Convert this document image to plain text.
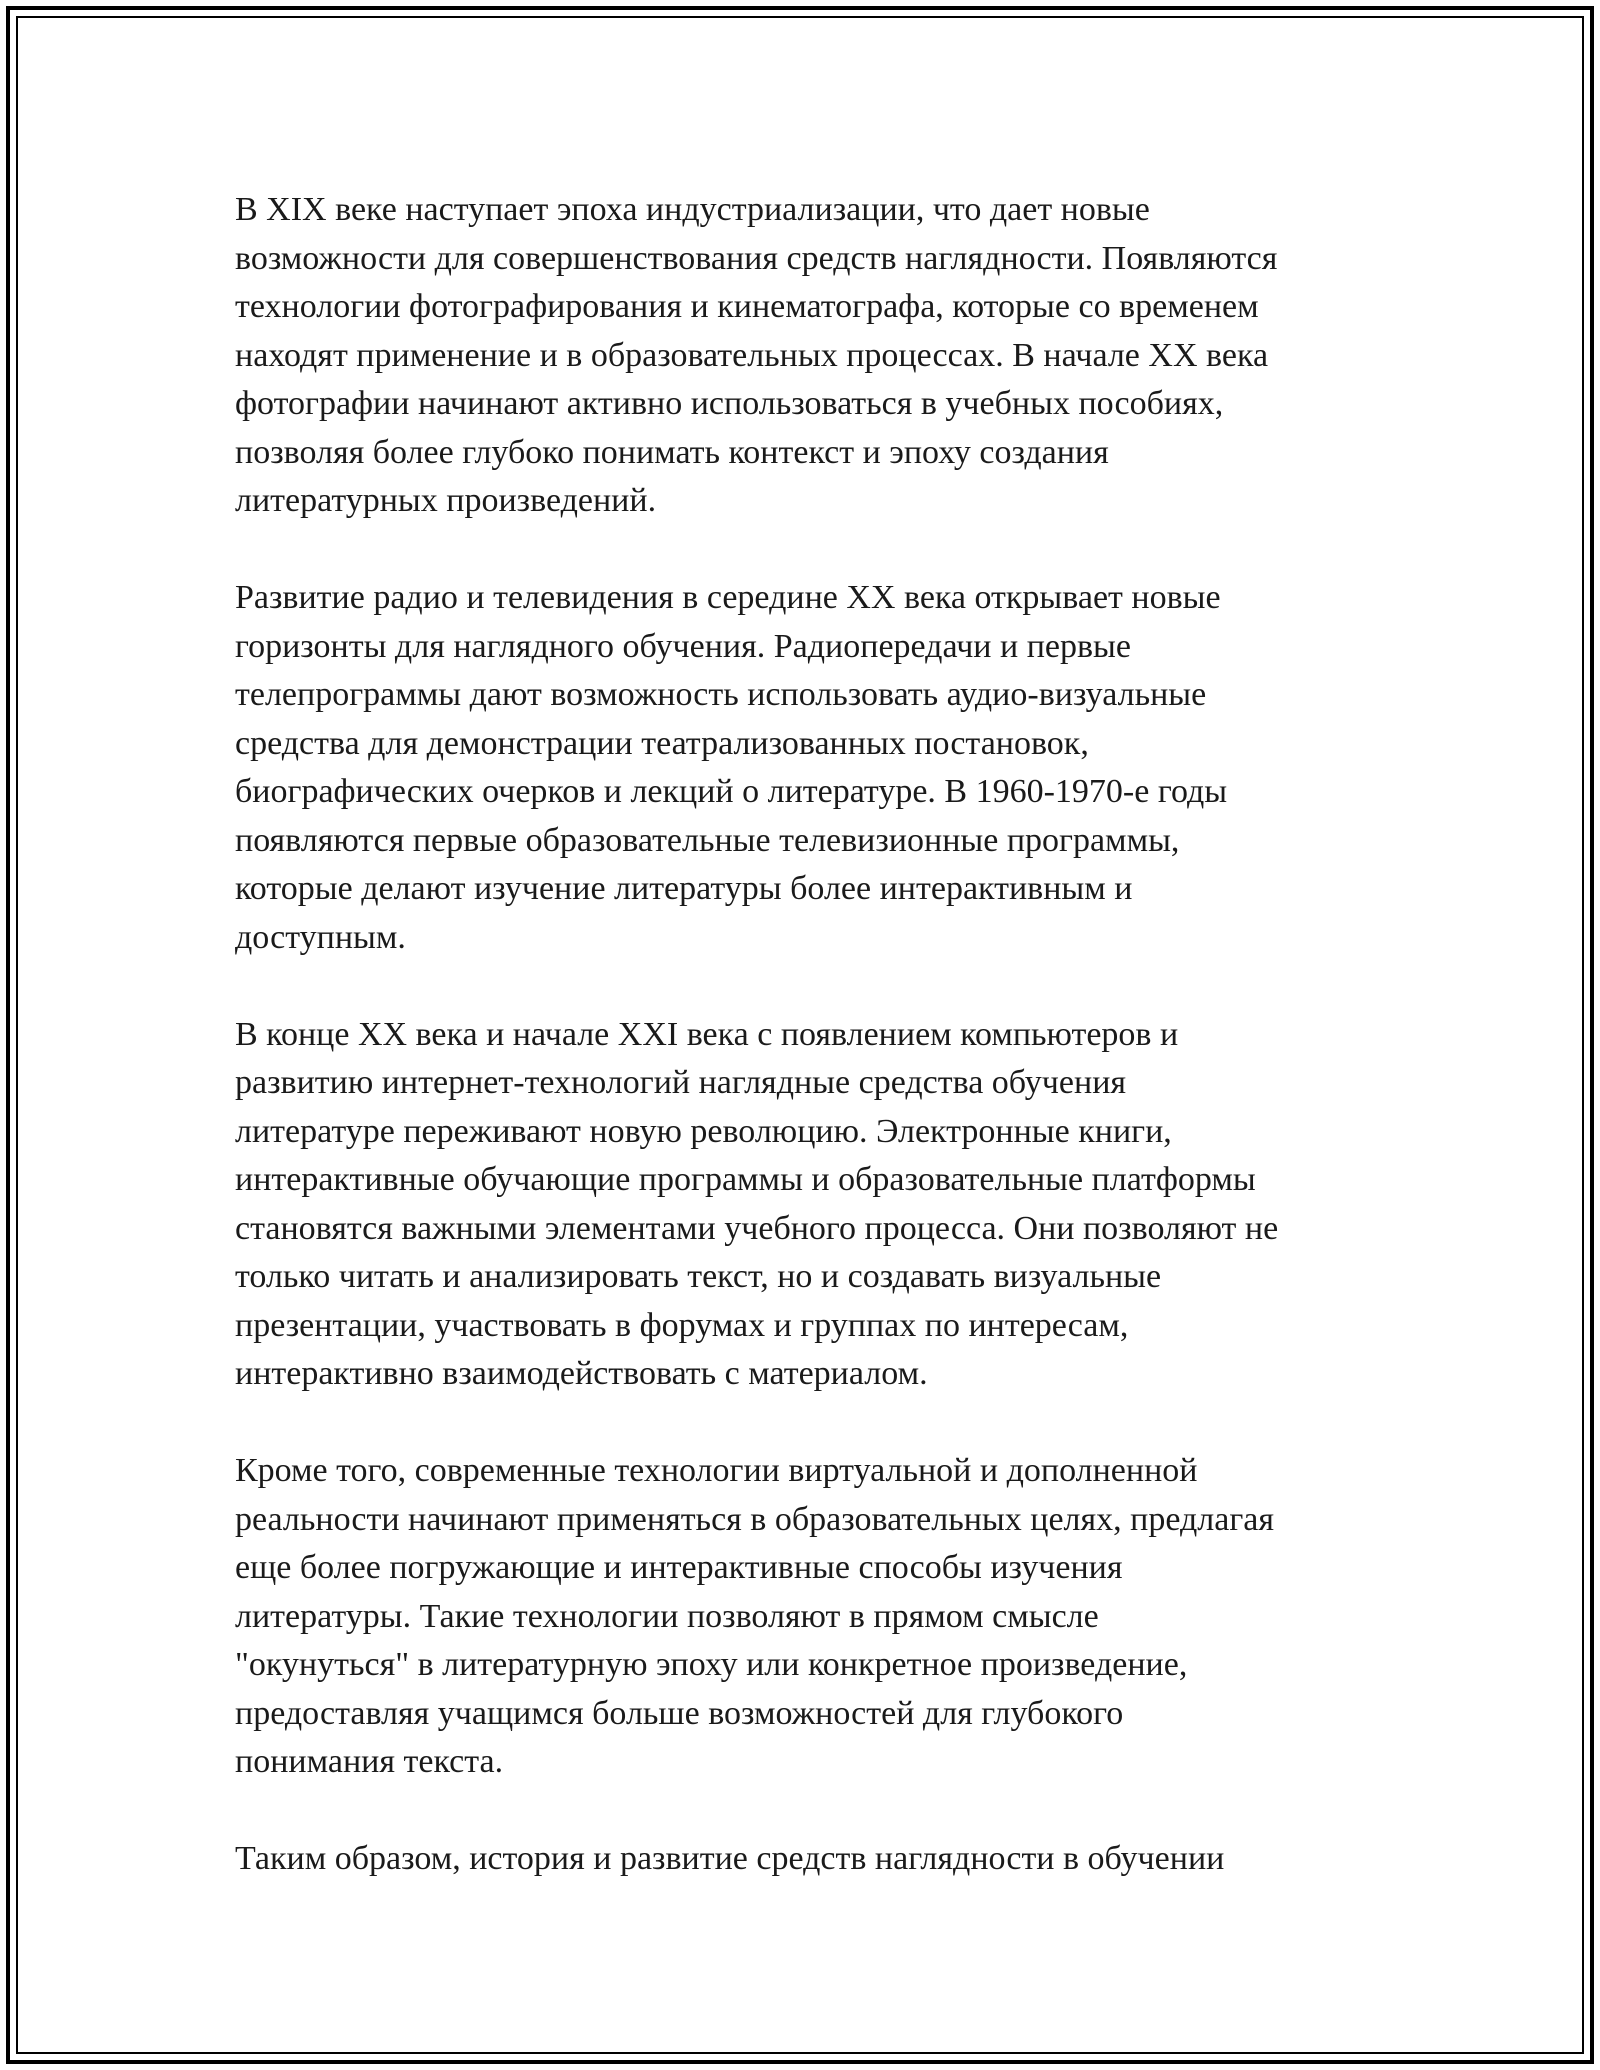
В XIX веке наступает эпоха индустриализации, что дает новые
возможности для совершенствования средств наглядности. Появляются
технологии фотографирования и кинематографа, которые со временем
находят применение и в образовательных процессах. В начале XX века
фотографии начинают активно использоваться в учебных пособиях,
позволяя более глубоко понимать контекст и эпоху создания
литературных произведений.

Развитие радио и телевидения в середине XX века открывает новые
горизонты для наглядного обучения. Радиопередачи и первые
телепрограммы дают возможность использовать аудио-визуальные
средства для демонстрации театрализованных постановок,
биографических очерков и лекций о литературе. В 1960-1970-е годы
появляются первые образовательные телевизионные программы,
которые делают изучение литературы более интерактивным и
доступным.

В конце XX века и начале XXI века с появлением компьютеров и
развитию интернет-технологий наглядные средства обучения
литературе переживают новую революцию. Электронные книги,
интерактивные обучающие программы и образовательные платформы
становятся важными элементами учебного процесса. Они позволяют не
только читать и анализировать текст, но и создавать визуальные
презентации, участвовать в форумах и группах по интересам,
интерактивно взаимодействовать с материалом.

Кроме того, современные технологии виртуальной и дополненной
реальности начинают применяться в образовательных целях, предлагая
еще более погружающие и интерактивные способы изучения
литературы. Такие технологии позволяют в прямом смысле
"окунуться" в литературную эпоху или конкретное произведение,
предоставляя учащимся больше возможностей для глубокого
понимания текста.

Таким образом, история и развитие средств наглядности в обучении
